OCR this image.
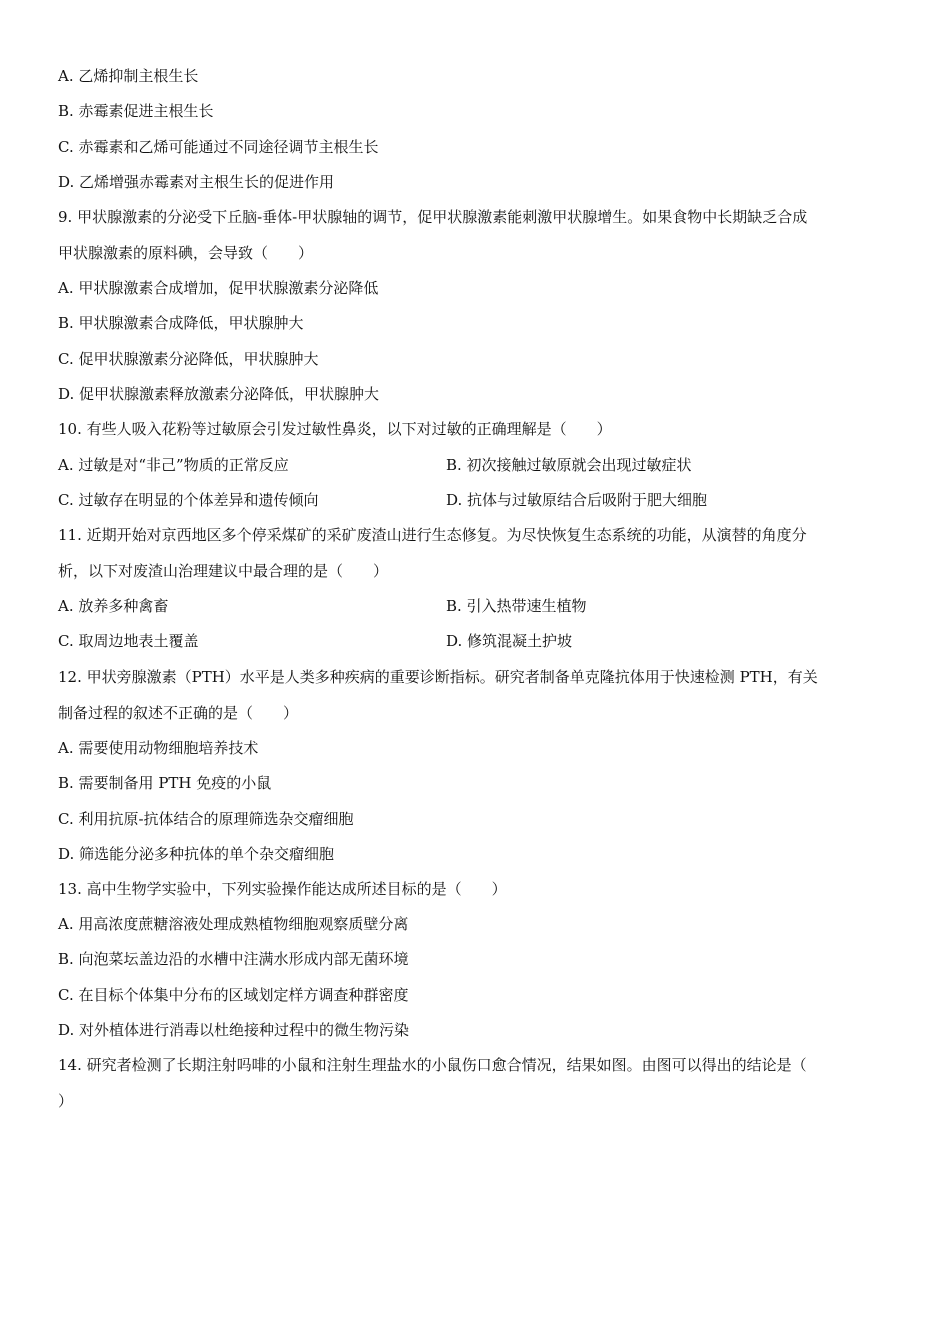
A. 乙烯抑制主根生长
B. 赤霉素促进主根生长
C. 赤霉素和乙烯可能通过不同途径调节主根生长
D. 乙烯增强赤霉素对主根生长的促进作用
9. 甲状腺激素的分泌受下丘脑-垂体-甲状腺轴的调节，促甲状腺激素能刺激甲状腺增生。如果食物中长期缺乏合成
甲状腺激素的原料碘，会导致（　　）
A. 甲状腺激素合成增加，促甲状腺激素分泌降低
B. 甲状腺激素合成降低，甲状腺肿大
C. 促甲状腺激素分泌降低，甲状腺肿大
D. 促甲状腺激素释放激素分泌降低，甲状腺肿大
10. 有些人吸入花粉等过敏原会引发过敏性鼻炎，以下对过敏的正确理解是（　　）
A. 过敏是对“非己”物质的正常反应	B. 初次接触过敏原就会出现过敏症状
C. 过敏存在明显的个体差异和遗传倾向	D. 抗体与过敏原结合后吸附于肥大细胞
11. 近期开始对京西地区多个停采煤矿的采矿废渣山进行生态修复。为尽快恢复生态系统的功能，从演替的角度分
析，以下对废渣山治理建议中最合理的是（　　）
A. 放养多种禽畜	B. 引入热带速生植物
C. 取周边地表土覆盖	D. 修筑混凝土护坡
12. 甲状旁腺激素（PTH）水平是人类多种疾病的重要诊断指标。研究者制备单克隆抗体用于快速检测 PTH，有关
制备过程的叙述不正确的是（　　）
A. 需要使用动物细胞培养技术
B. 需要制备用 PTH 免疫的小鼠
C. 利用抗原-抗体结合的原理筛选杂交瘤细胞
D. 筛选能分泌多种抗体的单个杂交瘤细胞
13. 高中生物学实验中，下列实验操作能达成所述目标的是（　　）
A. 用高浓度蔗糖溶液处理成熟植物细胞观察质壁分离
B. 向泡菜坛盖边沿的水槽中注满水形成内部无菌环境
C. 在目标个体集中分布的区域划定样方调查种群密度
D. 对外植体进行消毒以杜绝接种过程中的微生物污染
14. 研究者检测了长期注射吗啡的小鼠和注射生理盐水的小鼠伤口愈合情况，结果如图。由图可以得出的结论是（
）
